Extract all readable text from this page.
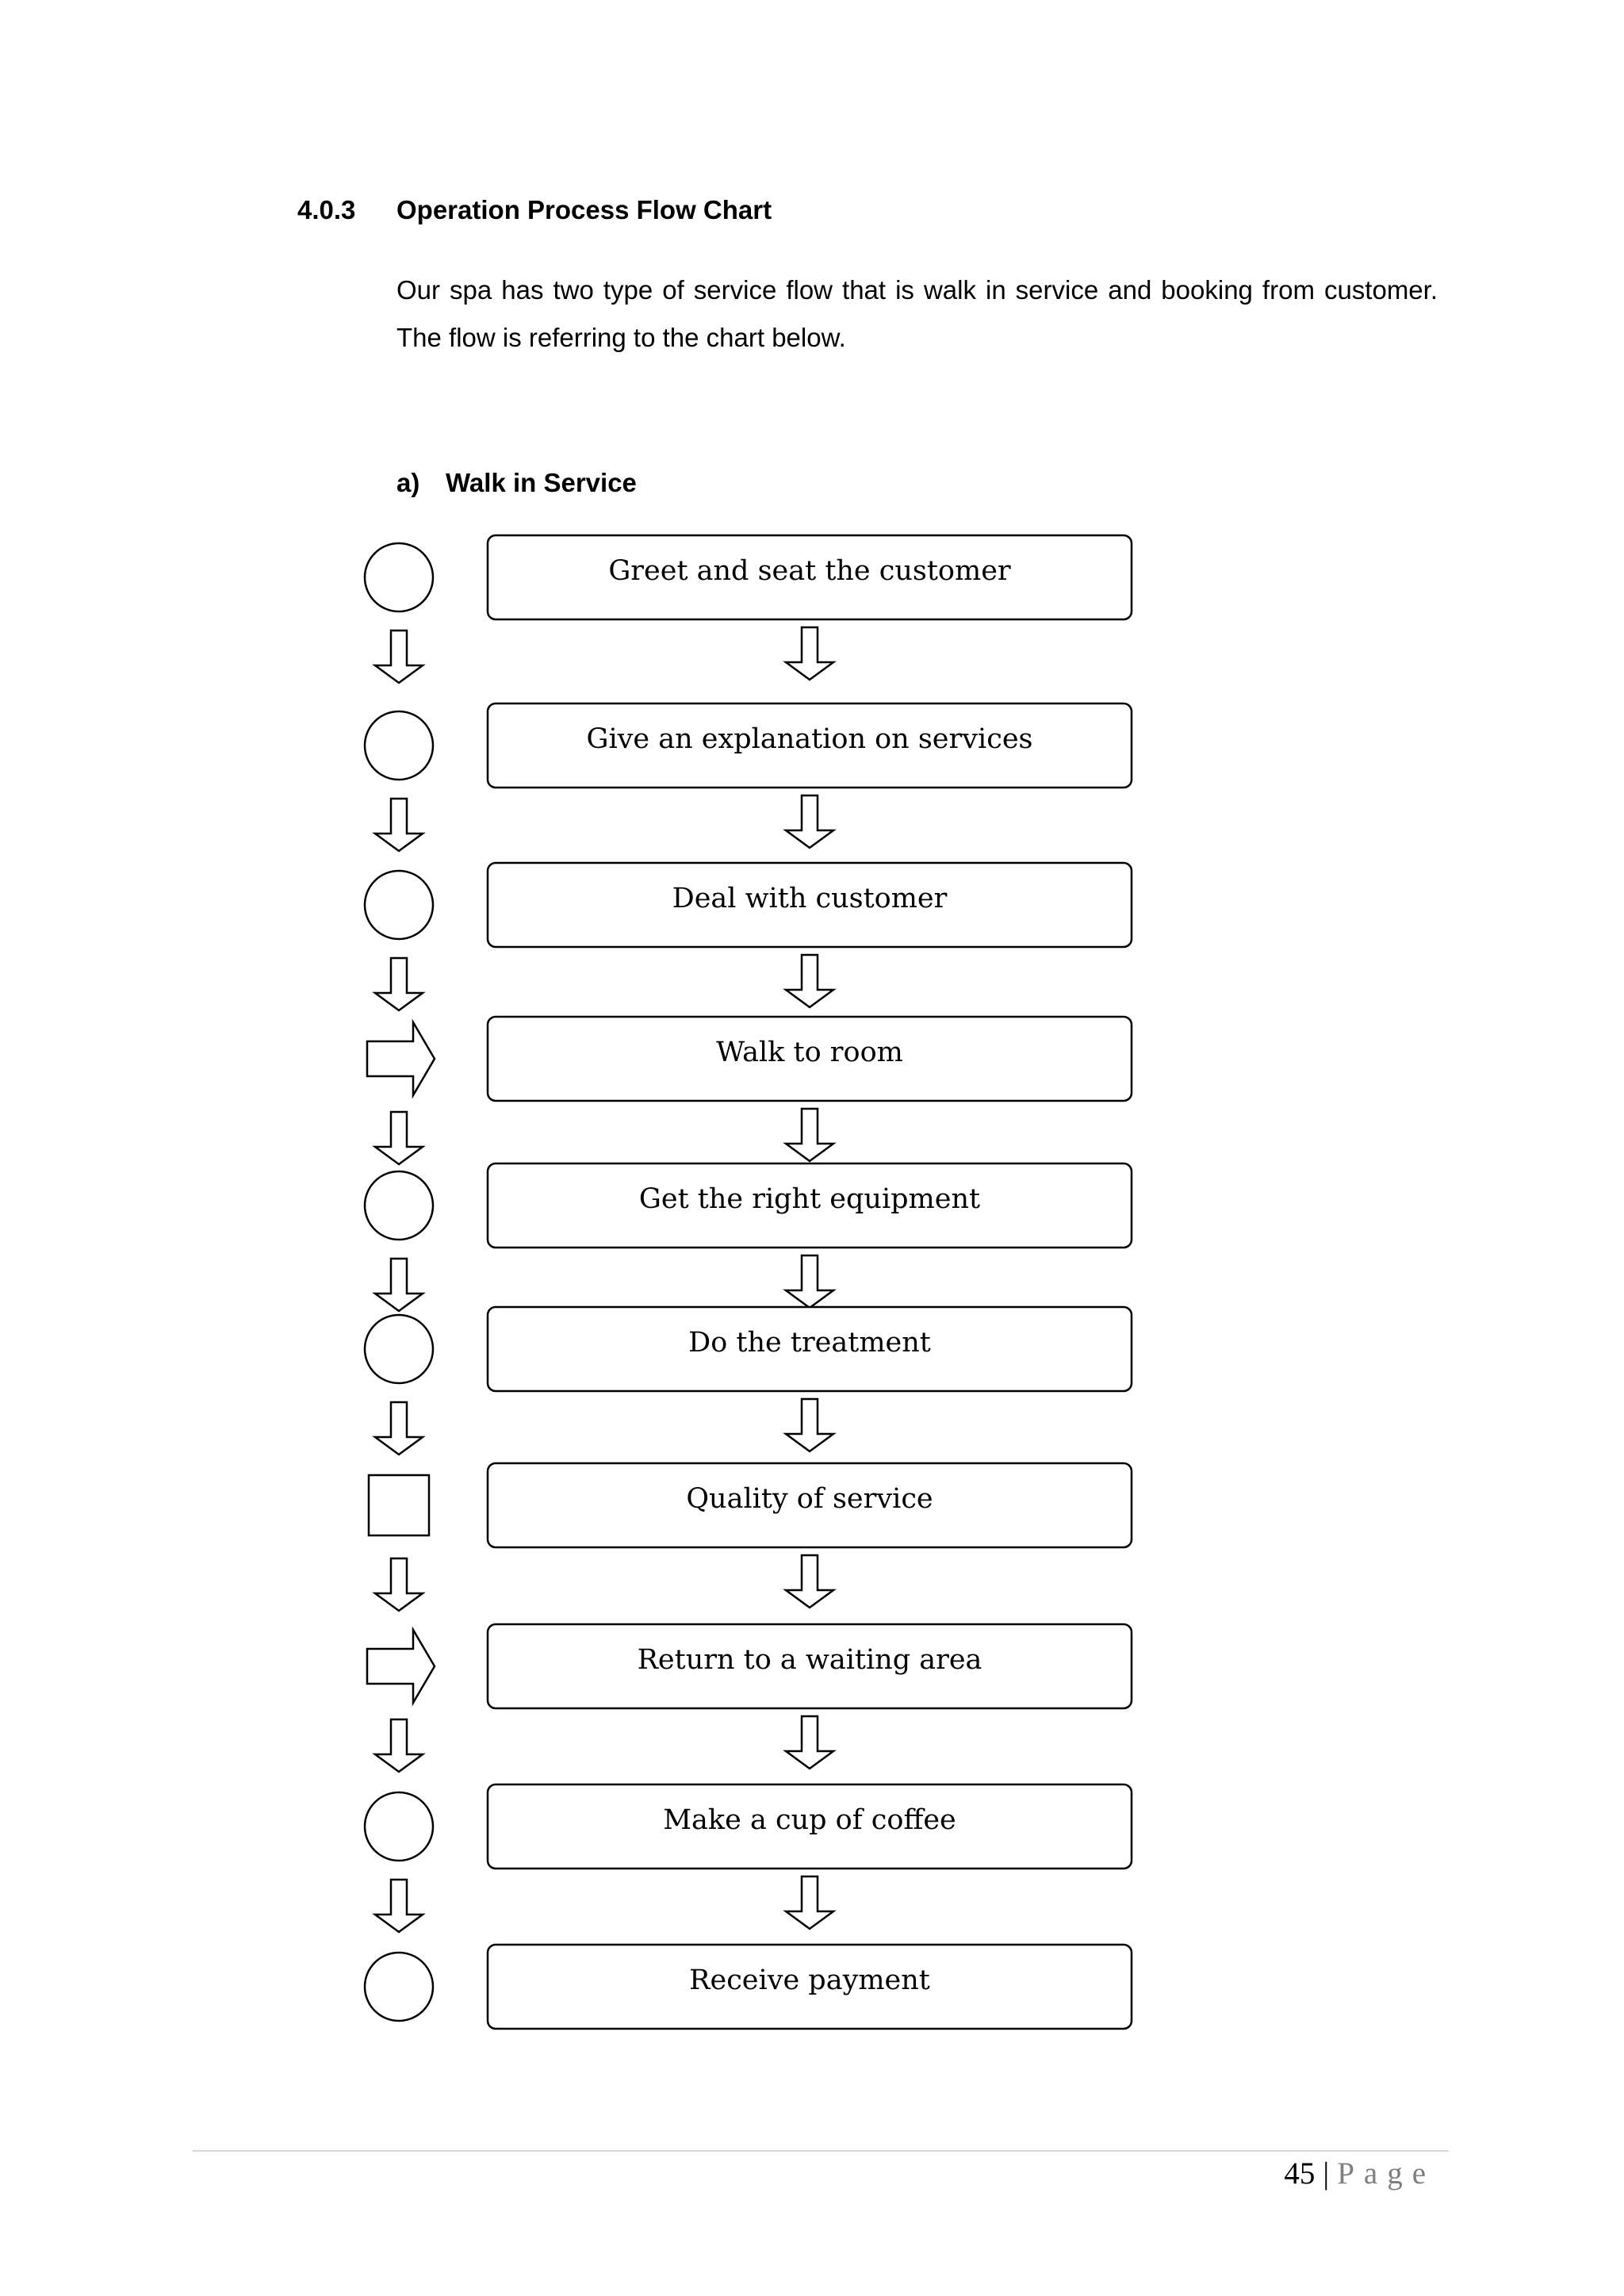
4.0.3 Operation Process Flow Chart

Our spa has two type of service flow that is walk in service and booking from customer. The flow is referring to the chart below.

a) Walk in Service
Greet and seat the customer
Give an explanation on services
Deal with customer
Walk to room
Get the right equipment
Do the treatment
Quality of service
Return to a waiting area
Make a cup of coffee
Receive payment
45 | Page
